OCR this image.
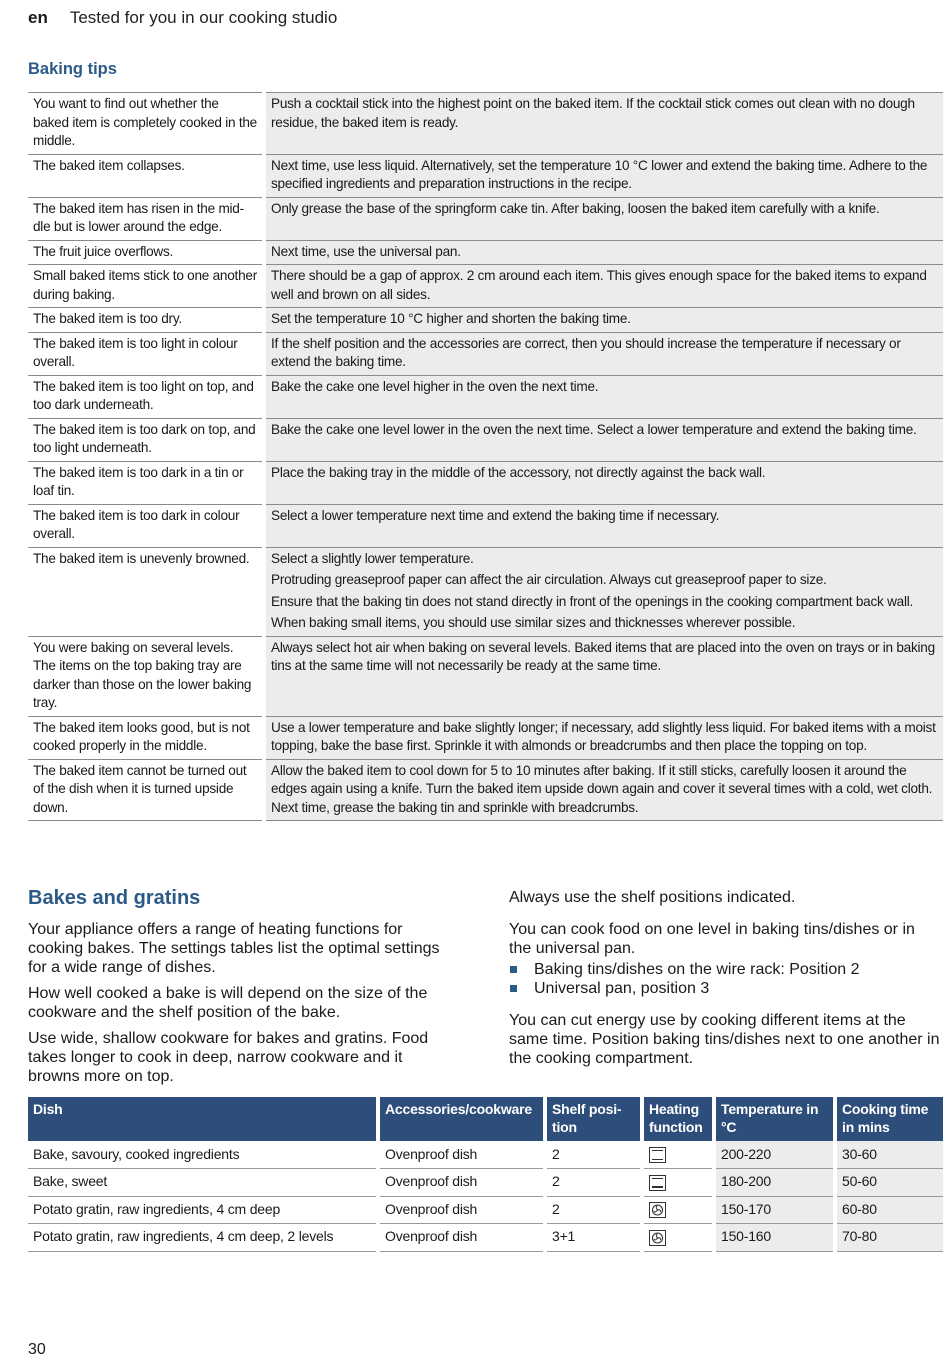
en Tested for you in our cooking studio
Baking tips
You want to find out whether the baked item is completely cooked in the middle.	Push a cocktail stick into the highest point on the baked item. If the cocktail stick comes out clean with no dough residue, the baked item is ready.

The baked item collapses.	Next time, use less liquid. Alternatively, set the temperature 10 °C lower and extend the baking time. Adhere to the specified ingredients and preparation instructions in the recipe.

The baked item has risen in the mid-dle but is lower around the edge.	Only grease the base of the springform cake tin. After baking, loosen the baked item carefully with a knife.

The fruit juice overflows.	Next time, use the universal pan.

Small baked items stick to one another during baking.	There should be a gap of approx. 2 cm around each item. This gives enough space for the baked items to expand well and brown on all sides.

The baked item is too dry.	Set the temperature 10 °C higher and shorten the baking time.

The baked item is too light in colour overall.	If the shelf position and the accessories are correct, then you should increase the temperature if necessary or extend the baking time.

The baked item is too light on top, and too dark underneath.	Bake the cake one level higher in the oven the next time.

The baked item is too dark on top, and too light underneath.	Bake the cake one level lower in the oven the next time. Select a lower temperature and extend the baking time.

The baked item is too dark in a tin or loaf tin.	Place the baking tray in the middle of the accessory, not directly against the back wall.

The baked item is too dark in colour overall.	Select a lower temperature next time and extend the baking time if necessary.

The baked item is unevenly browned.	Select a slightly lower temperature.
Protruding greaseproof paper can affect the air circulation. Always cut greaseproof paper to size.
Ensure that the baking tin does not stand directly in front of the openings in the cooking compartment back wall.
When baking small items, you should use similar sizes and thicknesses wherever possible.

You were baking on several levels. The items on the top baking tray are darker than those on the lower baking tray.	Always select hot air when baking on several levels. Baked items that are placed into the oven on trays or in baking tins at the same time will not necessarily be ready at the same time.

The baked item looks good, but is not cooked properly in the middle.	Use a lower temperature and bake slightly longer; if necessary, add slightly less liquid. For baked items with a moist topping, bake the base first. Sprinkle it with almonds or breadcrumbs and then place the topping on top.

The baked item cannot be turned out of the dish when it is turned upside down.	Allow the baked item to cool down for 5 to 10 minutes after baking. If it still sticks, carefully loosen it around the edges again using a knife. Turn the baked item upside down again and cover it several times with a cold, wet cloth. Next time, grease the baking tin and sprinkle with breadcrumbs.
Bakes and gratins

Your appliance offers a range of heating functions for cooking bakes. The settings tables list the optimal settings for a wide range of dishes.

How well cooked a bake is will depend on the size of the cookware and the shelf position of the bake.

Use wide, shallow cookware for bakes and gratins. Food takes longer to cook in deep, narrow cookware and it browns more on top.

Always use the shelf positions indicated.

You can cook food on one level in baking tins/dishes or in the universal pan.

Baking tins/dishes on the wire rack: Position 2
Universal pan, position 3

You can cut energy use by cooking different items at the same time. Position baking tins/dishes next to one another in the cooking compartment.

Dish	Accessories/cookware	Shelf posi-tion	Heating function	Temperature in °C	Cooking time in mins
Bake, savoury, cooked ingredients	Ovenproof dish	2		200-220	30-60
Bake, sweet	Ovenproof dish	2		180-200	50-60
Potato gratin, raw ingredients, 4 cm deep	Ovenproof dish	2		150-170	60-80
Potato gratin, raw ingredients, 4 cm deep, 2 levels	Ovenproof dish	3+1		150-160	70-80
30
